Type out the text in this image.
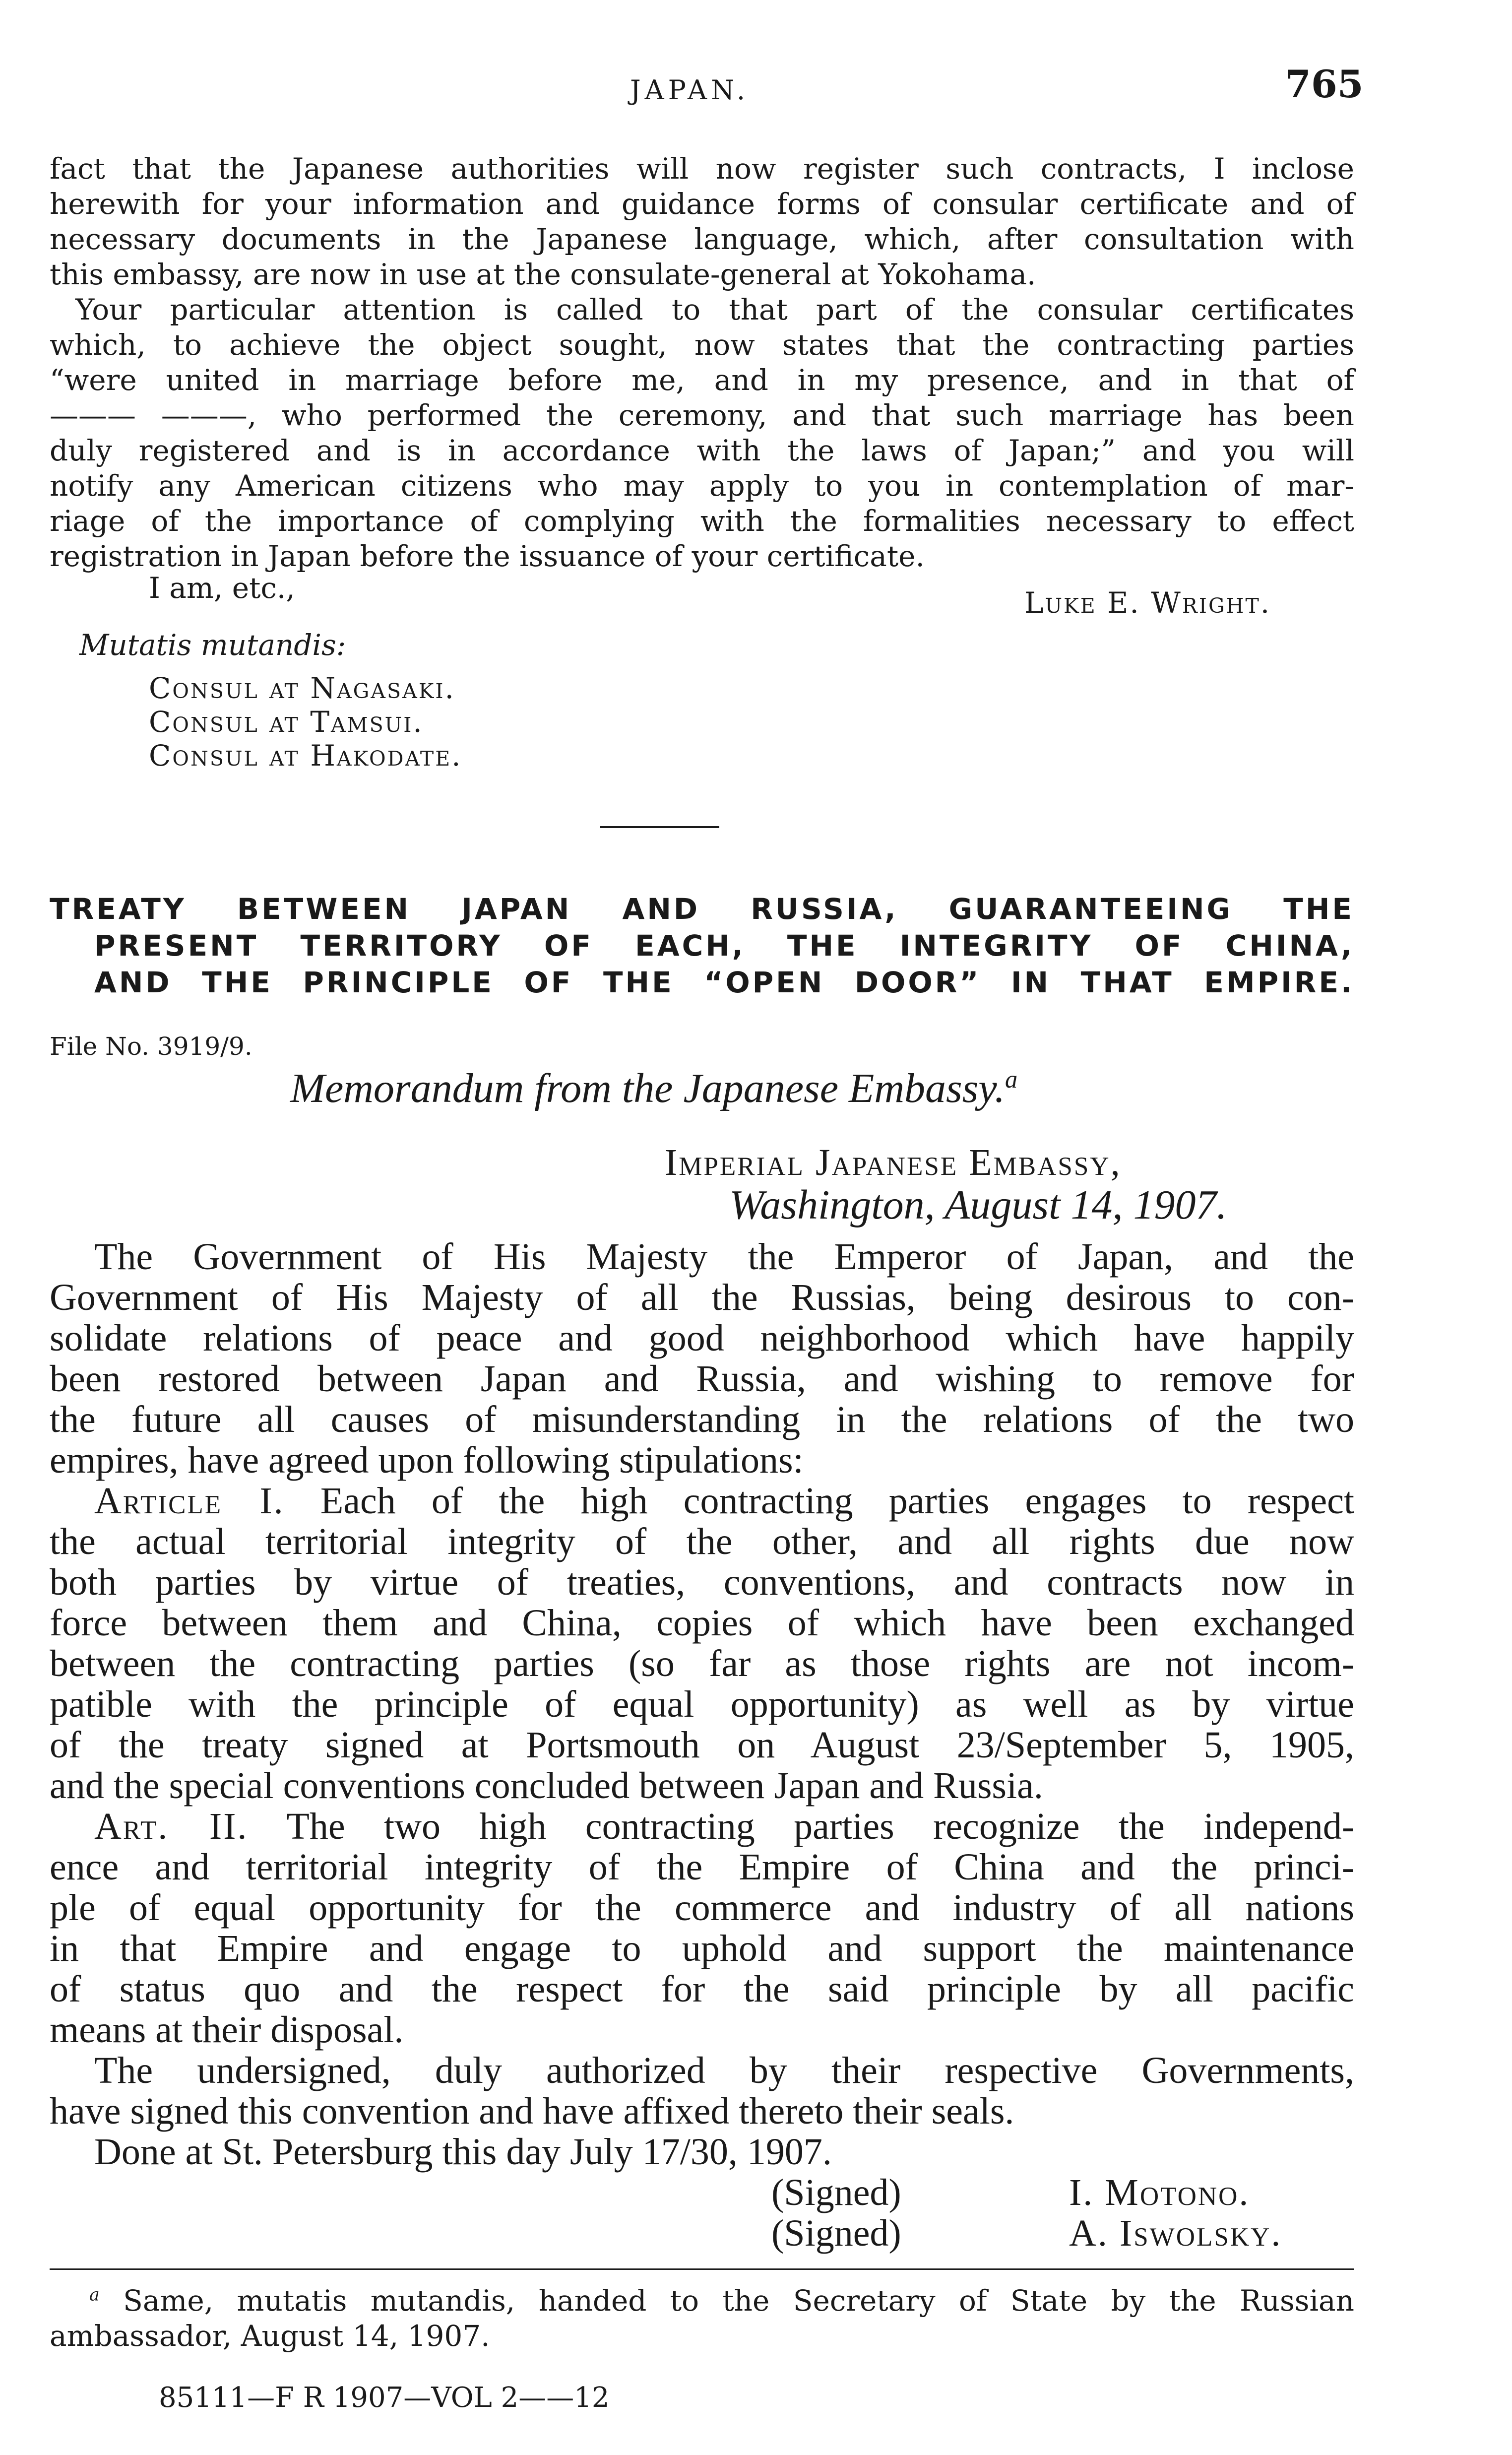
JAPAN.	765
fact that the Japanese authorities will now register such contracts, I inclose
herewith for your information and guidance forms of consular certificate and of
necessary documents in the Japanese language, which, after consultation with
this embassy, are now in use at the consulate-general at Yokohama.
Your particular attention is called to that part of the consular certificates
which, to achieve the object sought, now states that the contracting parties
“were united in marriage before me, and in my presence, and in that of
——— ———, who performed the ceremony, and that such marriage has been
duly registered and is in accordance with the laws of Japan;” and you will
notify any American citizens who may apply to you in contemplation of mar-
riage of the importance of complying with the formalities necessary to effect
registration in Japan before the issuance of your certificate.
I am, etc.,	Luke E. Wright.
Mutatis mutandis:
Consul at Nagasaki.
Consul at Tamsui.
Consul at Hakodate.
TREATY BETWEEN JAPAN AND RUSSIA, GUARANTEEING THE
PRESENT TERRITORY OF EACH, THE INTEGRITY OF CHINA,
AND THE PRINCIPLE OF THE “OPEN DOOR” IN THAT EMPIRE.
File No. 3919/9.
Memorandum from the Japanese Embassy.$^a$
Imperial Japanese Embassy,
Washington, August 14, 1907.
The Government of His Majesty the Emperor of Japan, and the
Government of His Majesty of all the Russias, being desirous to con-
solidate relations of peace and good neighborhood which have happily
been restored between Japan and Russia, and wishing to remove for
the future all causes of misunderstanding in the relations of the two
empires, have agreed upon following stipulations:
Article I. Each of the high contracting parties engages to respect
the actual territorial integrity of the other, and all rights due now
both parties by virtue of treaties, conventions, and contracts now in
force between them and China, copies of which have been exchanged
between the contracting parties (so far as those rights are not incom-
patible with the principle of equal opportunity) as well as by virtue
of the treaty signed at Portsmouth on August 23/September 5, 1905,
and the special conventions concluded between Japan and Russia.
Art. II. The two high contracting parties recognize the independ-
ence and territorial integrity of the Empire of China and the princi-
ple of equal opportunity for the commerce and industry of all nations
in that Empire and engage to uphold and support the maintenance
of status quo and the respect for the said principle by all pacific
means at their disposal.
The undersigned, duly authorized by their respective Governments,
have signed this convention and have affixed thereto their seals.
Done at St. Petersburg this day July 17/30, 1907.
(Signed)	I. Motono.
(Signed)	A. Iswolsky.
$^a$ Same, mutatis mutandis, handed to the Secretary of State by the Russian
ambassador, August 14, 1907.
85111—F R 1907—VOL 2——12
